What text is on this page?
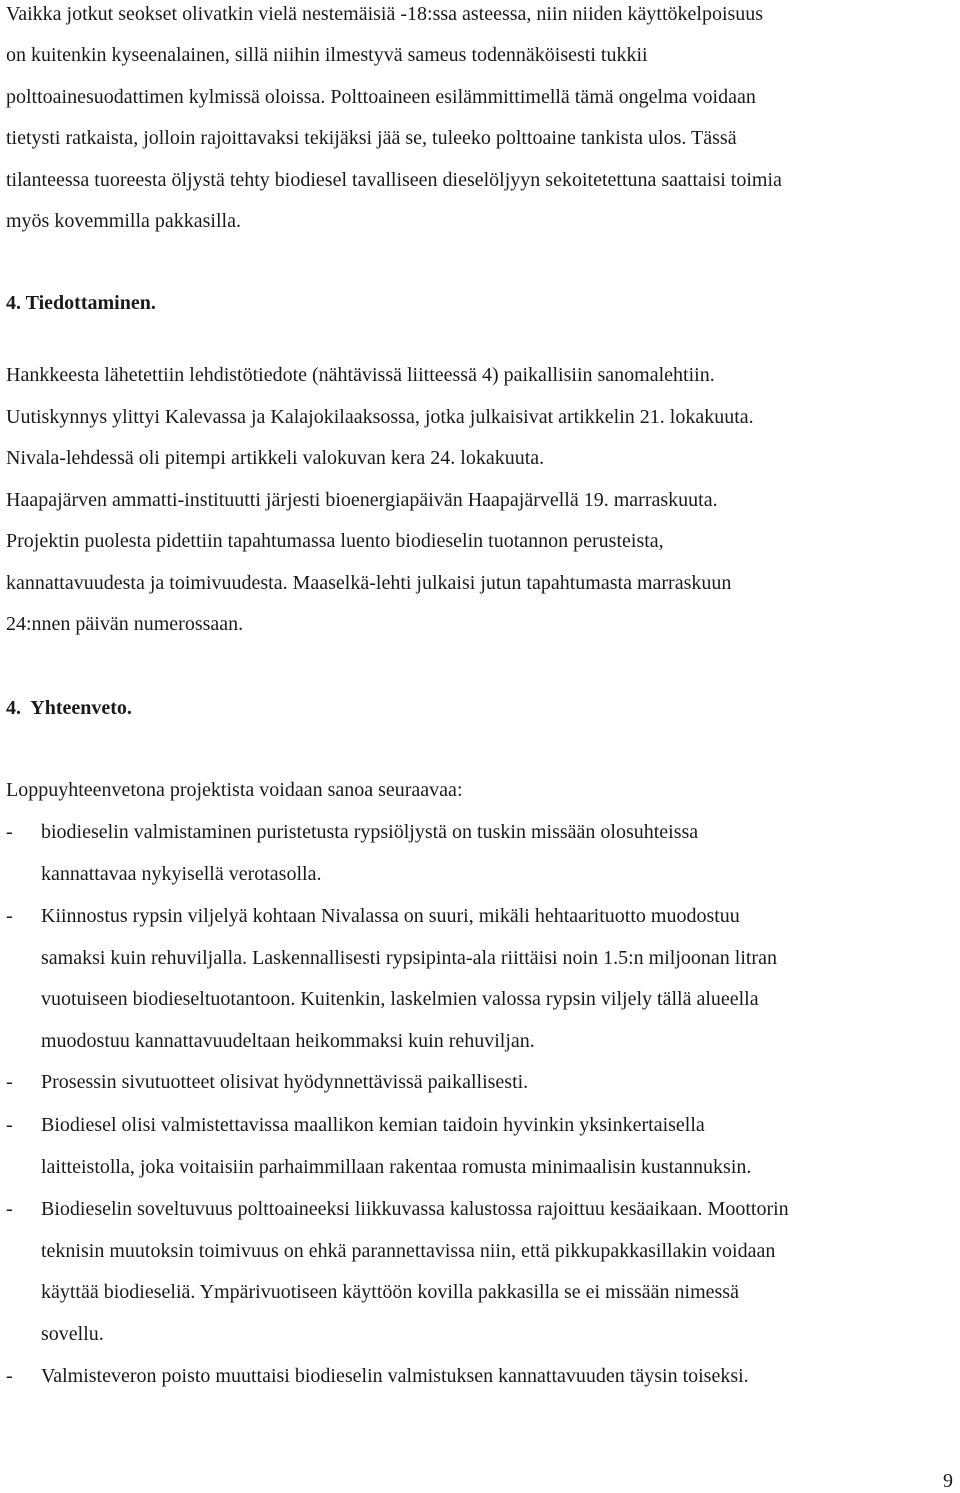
Vaikka jotkut seokset olivatkin vielä nestemäisiä -18:ssa asteessa, niin niiden käyttökelpoisuus
on kuitenkin kyseenalainen, sillä niihin ilmestyvä sameus todennäköisesti tukkii
polttoainesuodattimen kylmissä oloissa. Polttoaineen esilämmittimellä tämä ongelma voidaan
tietysti ratkaista, jolloin rajoittavaksi tekijäksi jää se, tuleeko polttoaine tankista ulos. Tässä
tilanteessa tuoreesta öljystä tehty biodiesel tavalliseen dieselöljyyn sekoitetettuna saattaisi toimia
myös kovemmilla pakkasilla.
4. Tiedottaminen.
Hankkeesta lähetettiin lehdistötiedote (nähtävissä liitteessä 4) paikallisiin sanomalehtiin.
Uutiskynnys ylittyi Kalevassa ja Kalajokilaaksossa, jotka julkaisivat artikkelin 21. lokakuuta.
Nivala-lehdessä oli pitempi artikkeli valokuvan kera 24. lokakuuta.
Haapajärven ammatti-instituutti järjesti bioenergiapäivän Haapajärvellä 19. marraskuuta.
Projektin puolesta pidettiin tapahtumassa luento biodieselin tuotannon perusteista,
kannattavuudesta ja toimivuudesta. Maaselkä-lehti julkaisi jutun tapahtumasta marraskuun
24:nnen päivän numerossaan.
4.  Yhteenveto.
Loppuyhteenvetona projektista voidaan sanoa seuraavaa:
- biodieselin valmistaminen puristetusta rypsiöljystä on tuskin missään olosuhteissa
kannattavaa nykyisellä verotasolla.
- Kiinnostus rypsin viljelyä kohtaan Nivalassa on suuri, mikäli hehtaarituotto muodostuu
samaksi kuin rehuviljalla. Laskennallisesti rypsipinta-ala riittäisi noin 1.5:n miljoonan litran
vuotuiseen biodieseltuotantoon. Kuitenkin, laskelmien valossa rypsin viljely tällä alueella
muodostuu kannattavuudeltaan heikommaksi kuin rehuviljan.
- Prosessin sivutuotteet olisivat hyödynnettävissä paikallisesti.
- Biodiesel olisi valmistettavissa maallikon kemian taidoin hyvinkin yksinkertaisella
laitteistolla, joka voitaisiin parhaimmillaan rakentaa romusta minimaalisin kustannuksin.
- Biodieselin soveltuvuus polttoaineeksi liikkuvassa kalustossa rajoittuu kesäaikaan. Moottorin
teknisin muutoksin toimivuus on ehkä parannettavissa niin, että pikkupakkasillakin voidaan
käyttää biodieseliä. Ympärivuotiseen käyttöön kovilla pakkasilla se ei missään nimessä
sovellu.
- Valmisteveron poisto muuttaisi biodieselin valmistuksen kannattavuuden täysin toiseksi.
9
